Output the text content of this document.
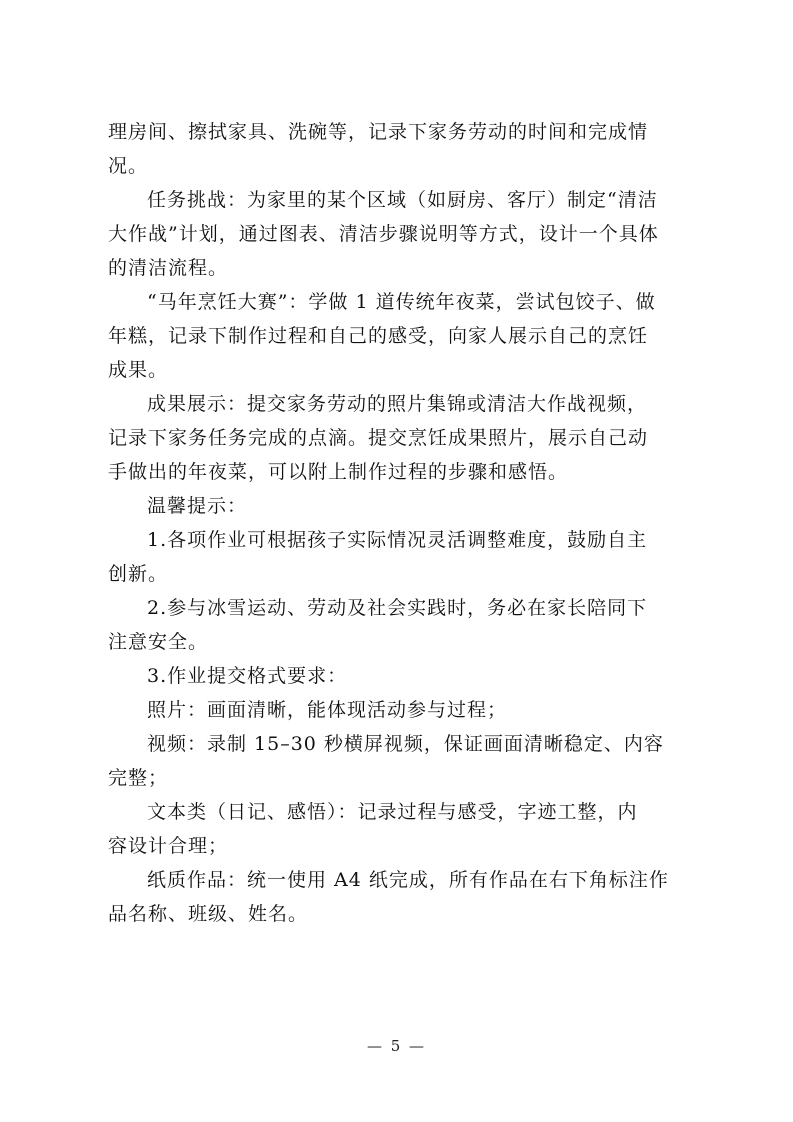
理房间、擦拭家具、洗碗等，记录下家务劳动的时间和完成情
况。
任务挑战：为家里的某个区域（如厨房、客厅）制定“清洁
大作战”计划，通过图表、清洁步骤说明等方式，设计一个具体
的清洁流程。
“马年烹饪大赛”：学做 1 道传统年夜菜，尝试包饺子、做
年糕，记录下制作过程和自己的感受，向家人展示自己的烹饪
成果。
成果展示：提交家务劳动的照片集锦或清洁大作战视频，
记录下家务任务完成的点滴。提交烹饪成果照片，展示自己动
手做出的年夜菜，可以附上制作过程的步骤和感悟。
温馨提示：
1.各项作业可根据孩子实际情况灵活调整难度，鼓励自主
创新。
2.参与冰雪运动、劳动及社会实践时，务必在家长陪同下
注意安全。
3.作业提交格式要求：
照片：画面清晰，能体现活动参与过程；
视频：录制 15–30 秒横屏视频，保证画面清晰稳定、内容
完整；
文本类（日记、感悟）：记录过程与感受，字迹工整，内
容设计合理；
纸质作品：统一使用 A4 纸完成，所有作品在右下角标注作
品名称、班级、姓名。
— 5 —
